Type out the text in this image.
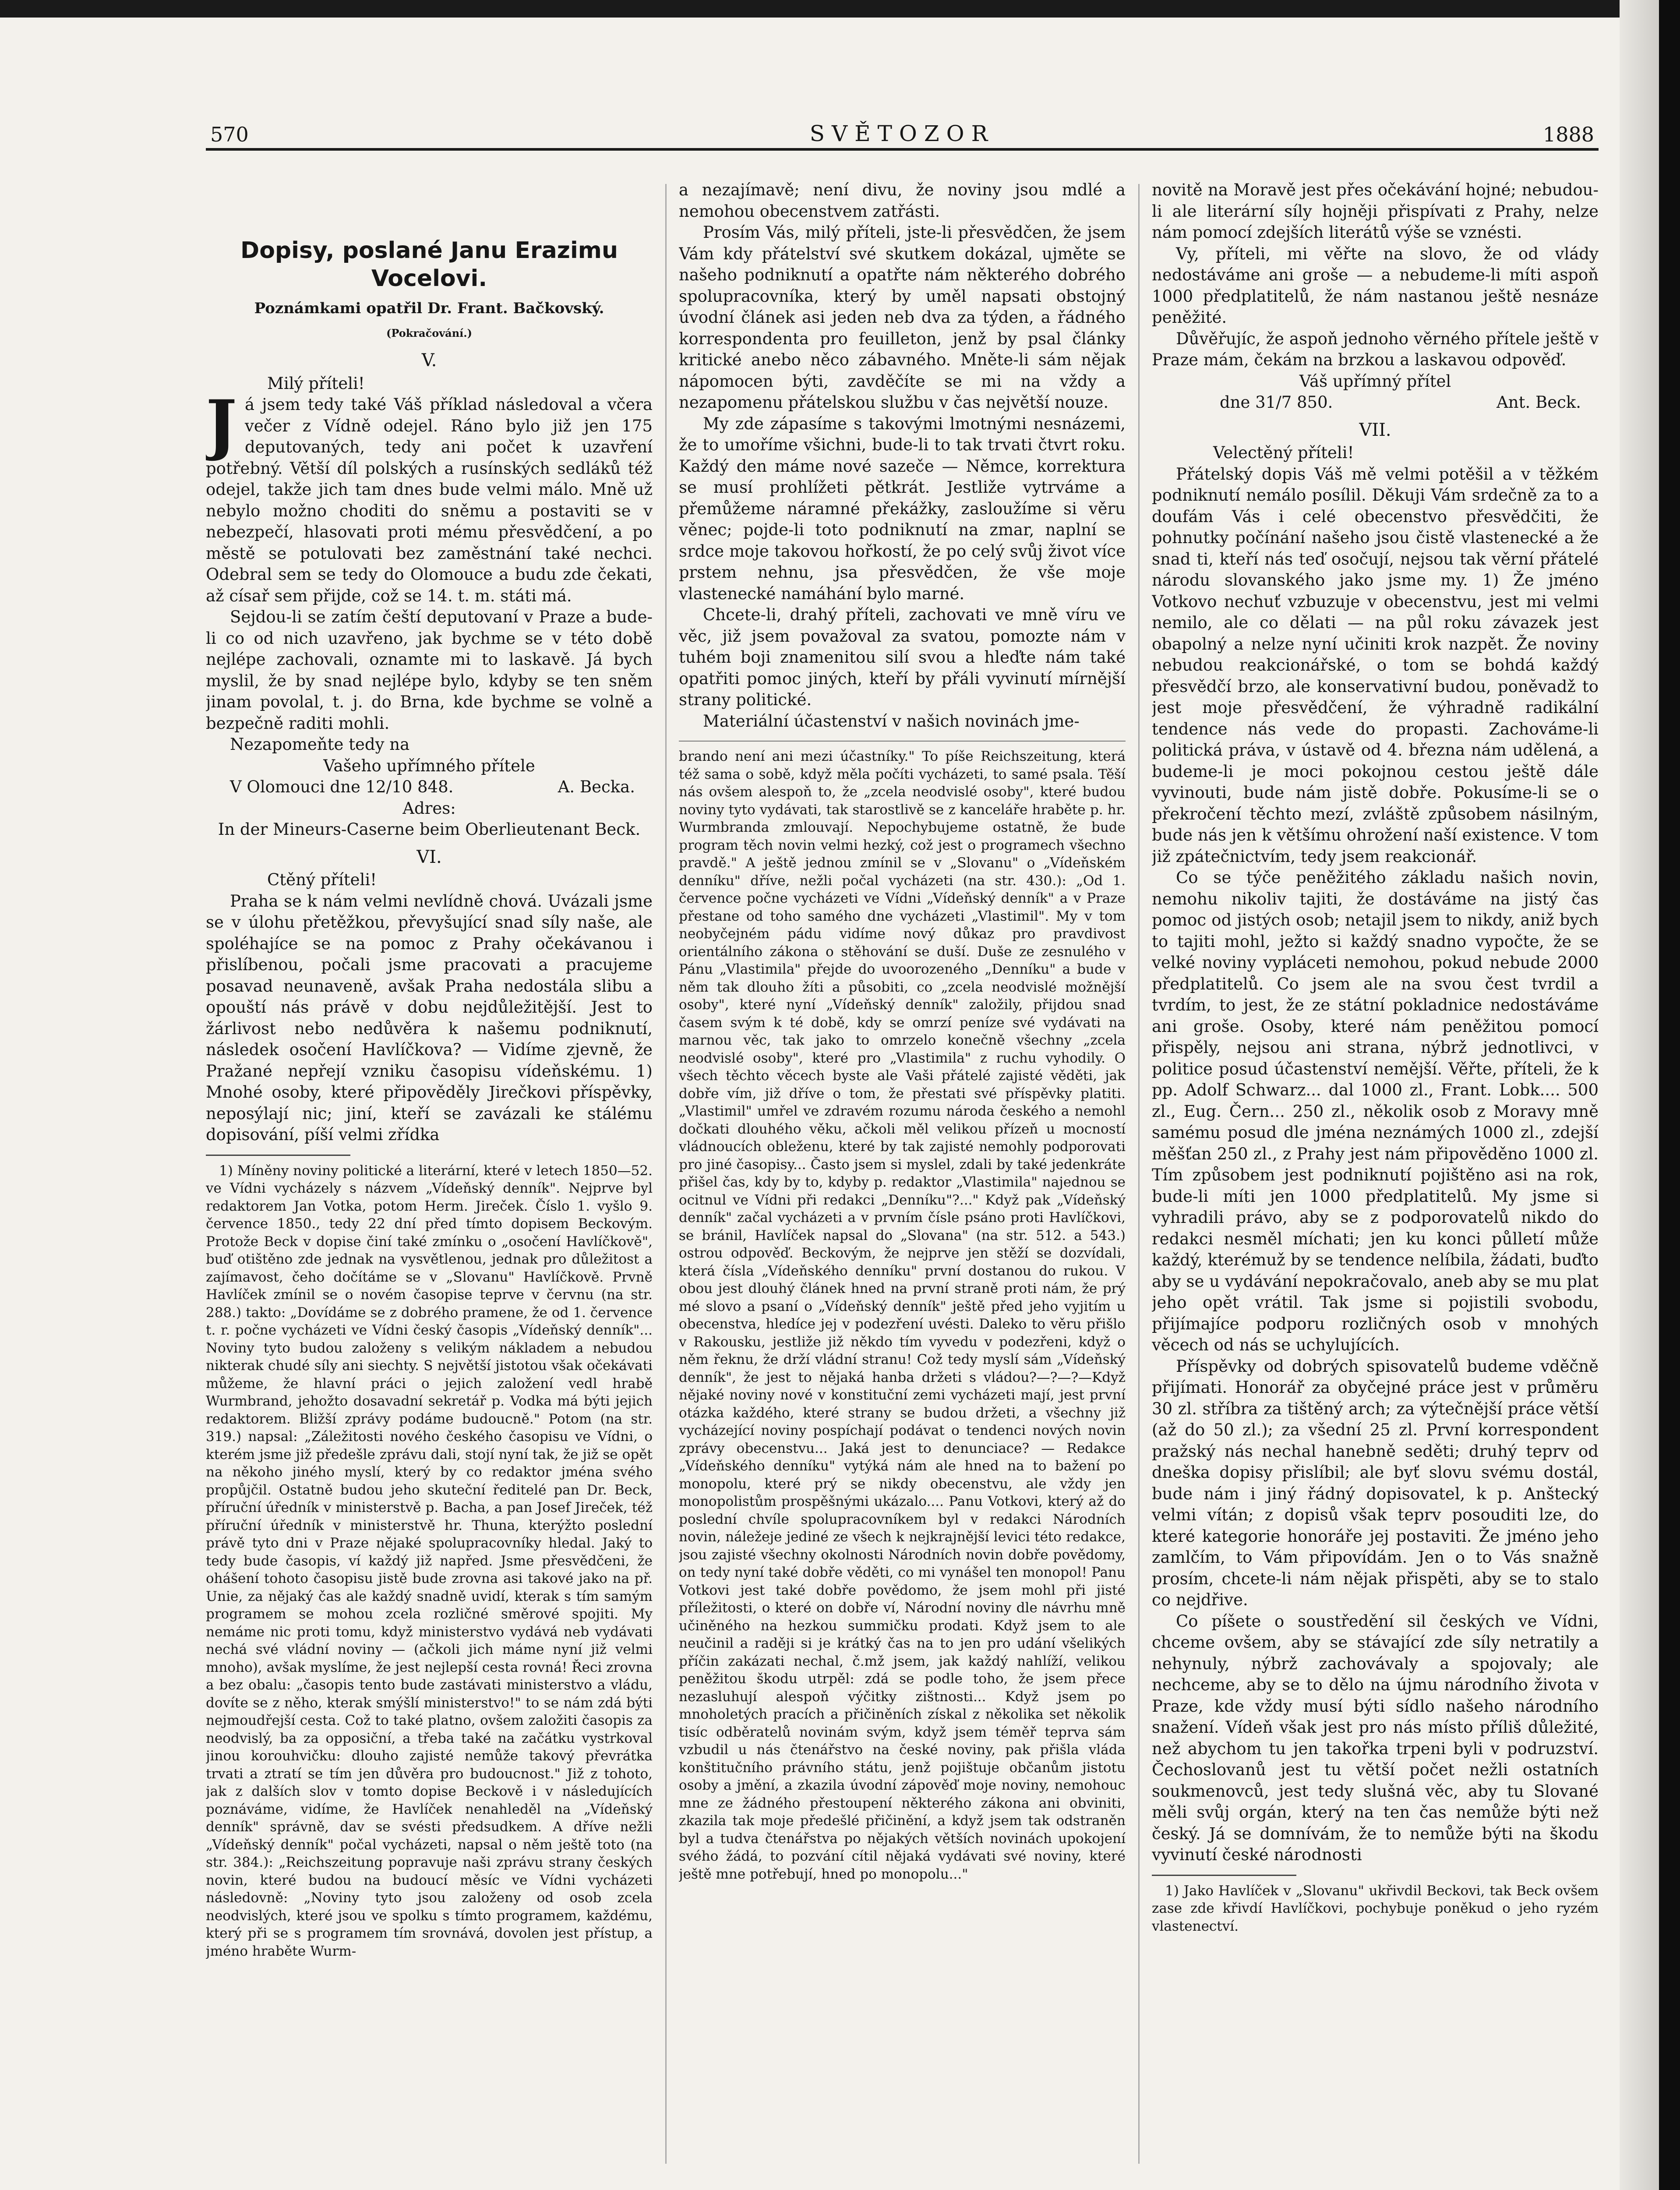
570	SVĚTOZOR	1888
Dopisy, poslané Janu Erazimu Vocelovi.
Poznámkami opatřil Dr. Frant. Bačkovský.
(Pokračování.)
V.

Milý příteli!

Já jsem tedy také Váš příklad následoval a včera večer z Vídně odejel. Ráno bylo již jen 175 deputovaných, tedy ani počet k uzavření potřebný. Větší díl polských a rusínských sedláků též odejel, takže jich tam dnes bude velmi málo. Mně už nebylo možno choditi do sněmu a postaviti se v nebezpečí, hlasovati proti mému přesvědčení, a po městě se potulovati bez zaměstnání také nechci. Odebral sem se tedy do Olomouce a budu zde čekati, až císař sem přijde, což se 14. t. m. státi má.

Sejdou-li se zatím čeští deputovaní v Praze a bude-li co od nich uzavřeno, jak bychme se v této době nejlépe zachovali, oznamte mi to laskavě. Já bych myslil, že by snad nejlépe bylo, kdyby se ten sněm jinam povolal, t. j. do Brna, kde bychme se volně a bezpečně raditi mohli.

Nezapomeňte tedy na

Vašeho upřímného přítele

V Olomouci dne 12/10 848.	A. Becka.

Adres:

In der Mineurs-Caserne beim Oberlieutenant Beck.

VI.

Ctěný příteli!

Praha se k nám velmi nevlídně chová. Uvázali jsme se v úlohu přetěžkou, převyšující snad síly naše, ale spoléhajíce se na pomoc z Prahy očekávanou i přislíbenou, počali jsme pracovati a pracujeme posavad neunaveně, avšak Praha nedostála slibu a opouští nás právě v dobu nejdůležitější. Jest to žárlivost nebo nedůvěra k našemu podniknutí, následek osočení Havlíčkova? — Vidíme zjevně, že Pražané nepřejí vzniku časopisu vídeňskému. 1) Mnohé osoby, které připověděly Jirečkovi příspěvky, neposýlají nic; jiní, kteří se zavázali ke stálému dopisování, píší velmi zřídka

1) Míněny noviny politické a literární, které v letech 1850—52. ve Vídni vycházely s názvem „Vídeňský denník". Nejprve byl redaktorem Jan Votka, potom Herm. Jireček. Číslo 1. vyšlo 9. července 1850., tedy 22 dní před tímto dopisem Beckovým. Protože Beck v dopise činí také zmínku o „osočení Havlíčkově", buď otištěno zde jednak na vysvětlenou, jednak pro důležitost a zajímavost, čeho dočítáme se v „Slovanu" Havlíčkově. Prvně Havlíček zmínil se o novém časopise teprve v červnu (na str. 288.) takto: „Dovídáme se z dobrého pramene, že od 1. července t. r. počne vycházeti ve Vídni český časopis „Vídeňský denník"... Noviny tyto budou založeny s velikým nákladem a nebudou nikterak chudé síly ani siechty. S největší jistotou však očekávati můžeme, že hlavní práci o jejich založení vedl hrabě Wurmbrand, jehožto dosavadní sekretář p. Vodka má býti jejich redaktorem. Bližší zprávy podáme budoucně." Potom (na str. 319.) napsal: „Záležitosti nového českého časopisu ve Vídni, o kterém jsme již předešle zprávu dali, stojí nyní tak, že již se opět na někoho jiného myslí, který by co redaktor jména svého propůjčil. Ostatně budou jeho skuteční ředitelé pan Dr. Beck, příruční úředník v ministerstvě p. Bacha, a pan Josef Jireček, též příruční úředník v ministerstvě hr. Thuna, kterýžto poslední právě tyto dni v Praze nějaké spolupracovníky hledal. Jaký to tedy bude časopis, ví každý již napřed. Jsme přesvědčeni, že ohášení tohoto časopisu jistě bude zrovna asi takové jako na př. Unie, za nějaký čas ale každý snadně uvidí, kterak s tím samým programem se mohou zcela rozličné směrové spojiti. My nemáme nic proti tomu, když ministerstvo vydává neb vydávati nechá své vládní noviny — (ačkoli jich máme nyní již velmi mnoho), avšak myslíme, že jest nejlepší cesta rovná! Řeci zrovna a bez obalu: „časopis tento bude zastávati ministerstvo a vládu, dovíte se z něho, kterak smýšlí ministerstvo!" to se nám zdá býti nejmoudřejší cesta. Což to také platno, ovšem založiti časopis za neodvislý, ba za opposiční, a třeba také na začátku vystrkoval jinou korouhvičku: dlouho zajisté nemůže takový převrátka trvati a ztratí se tím jen důvěra pro budoucnost." Již z tohoto, jak z dalších slov v tomto dopise Beckově i v následujících poznáváme, vidíme, že Havlíček nenahleděl na „Vídeňský denník" správně, dav se svésti předsudkem. A dříve nežli „Vídeňský denník" počal vycházeti, napsal o něm ještě toto (na str. 384.): „Reichszeitung popravuje naši zprávu strany českých novin, které budou na budoucí měsíc ve Vídni vycházeti následovně: „Noviny tyto jsou založeny od osob zcela neodvislých, které jsou ve spolku s tímto programem, každému, který při se s programem tím srovnává, dovolen jest přístup, a jméno hraběte Wurm-

a nezajímavě; není divu, že noviny jsou mdlé a nemohou obecenstvem zatřásti.

Prosím Vás, milý příteli, jste-li přesvědčen, že jsem Vám kdy přátelství své skutkem dokázal, ujměte se našeho podniknutí a opatřte nám některého dobrého spolupracovníka, který by uměl napsati obstojný úvodní článek asi jeden neb dva za týden, a řádného korrespondenta pro feuilleton, jenž by psal články kritické anebo něco zábavného. Mněte-li sám nějak nápomocen býti, zavděčíte se mi na vždy a nezapomenu přátelskou službu v čas největší nouze.

My zde zápasíme s takovými lmotnými nesnázemi, že to umoříme všichni, bude-li to tak trvati čtvrt roku. Každý den máme nové sazeče — Němce, korrektura se musí prohlížeti pětkrát. Jestliže vytrváme a přemůžeme náramné překážky, zasloužíme si věru věnec; pojde-li toto podniknutí na zmar, naplní se srdce moje takovou hořkostí, že po celý svůj život více prstem nehnu, jsa přesvědčen, že vše moje vlastenecké namáhání bylo marné.

Chcete-li, drahý příteli, zachovati ve mně víru ve věc, již jsem považoval za svatou, pomozte nám v tuhém boji znamenitou silí svou a hleďte nám také opatřiti pomoc jiných, kteří by přáli vyvinutí mírnější strany politické.

Materiální účastenství v našich novinách jme-

brando není ani mezi účastníky." To píše Reichszeitung, která též sama o sobě, když měla počíti vycházeti, to samé psala. Těší nás ovšem alespoň to, že „zcela neodvislé osoby", které budou noviny tyto vydávati, tak starostlivě se z kanceláře hraběte p. hr. Wurmbranda zmlouvají. Nepochybujeme ostatně, že bude program těch novin velmi hezký, což jest o programech všechno pravdě." A ještě jednou zmínil se v „Slovanu" o „Vídeňském denníku" dříve, nežli počal vycházeti (na str. 430.): „Od 1. července počne vycházeti ve Vídni „Vídeňský denník" a v Praze přestane od toho samého dne vycházeti „Vlastimil". My v tom neobyčejném pádu vidíme nový důkaz pro pravdivost orientálního zákona o stěhování se duší. Duše ze zesnulého v Pánu „Vlastimila" přejde do uvoorozeného „Denníku" a bude v něm tak dlouho žíti a působiti, co „zcela neodvislé možnější osoby", které nyní „Vídeňský denník" založily, přijdou snad časem svým k té době, kdy se omrzí peníze své vydávati na marnou věc, tak jako to omrzelo konečně všechny „zcela neodvislé osoby", které pro „Vlastimila" z ruchu vyhodily. O všech těchto věcech byste ale Vaši přátelé zajisté věděti, jak dobře vím, již dříve o tom, že přestati své příspěvky platiti. „Vlastimil" umřel ve zdravém rozumu národa českého a nemohl dočkati dlouhého věku, ačkoli měl velikou přízeň u mocností vládnoucích obleženu, které by tak zajisté nemohly podporovati pro jiné časopisy... Často jsem si myslel, zdali by také jedenkráte přišel čas, kdy by to, kdyby p. redaktor „Vlastimila" najednou se ocitnul ve Vídni při redakci „Denníku"?..." Když pak „Vídeňský denník" začal vycházeti a v prvním čísle psáno proti Havlíčkovi, se bránil, Havlíček napsal do „Slovana" (na str. 512. a 543.) ostrou odpověď. Beckovým, že nejprve jen stěží se dozvídali, která čísla „Vídeňského denníku" první dostanou do rukou. V obou jest dlouhý článek hned na první straně proti nám, že prý mé slovo a psaní o „Vídeňský denník" ještě před jeho vyjitím u obecenstva, hledíce jej v podezření uvésti. Daleko to věru přišlo v Rakousku, jestliže již někdo tím vyvedu v podezřeni, když o něm řeknu, že drží vládní stranu! Což tedy myslí sám „Vídeňský denník", že jest to nějaká hanba držeti s vládou?—?—?—Když nějaké noviny nové v konstituční zemi vycházeti mají, jest první otázka každého, které strany se budou držeti, a všechny již vycházející noviny pospíchají podávat o tendenci nových novin zprávy obecenstvu... Jaká jest to denunciace? — Redakce „Vídeňského denníku" vytýká nám ale hned na to bažení po monopolu, které prý se nikdy obecenstvu, ale vždy jen monopolistům prospěšnými ukázalo.... Panu Votkovi, který až do poslední chvíle spolupracovníkem byl v redakci Národních novin, náležeje jediné ze všech k nejkrajnější levici této redakce, jsou zajisté všechny okolnosti Národních novin dobře povědomy, on tedy nyní také dobře věděti, co mi vynášel ten monopol! Panu Votkovi jest také dobře povědomo, že jsem mohl při jisté příležitosti, o které on dobře ví, Národní noviny dle návrhu mně učiněného na hezkou summičku prodati. Když jsem to ale neučinil a raději si je krátký čas na to jen pro udání všelikých příčin zakázati nechal, č.mž jsem, jak každý nahlíží, velikou peněžitou škodu utrpěl: zdá se podle toho, že jsem přece nezasluhují alespoň výčitky zištnosti... Když jsem po mnoholetých pracích a přičiněních získal z několika set několik tisíc odběratelů novinám svým, když jsem téměř teprva sám vzbudil u nás čtenářstvo na české noviny, pak přišla vláda konštitučního právního státu, jenž pojištuje občanům jistotu osoby a jmění, a zkazila úvodní zápověď moje noviny, nemohouc mne ze žádného přestoupení některého zákona ani obviniti, zkazila tak moje předešlé přičinění, a když jsem tak odstraněn byl a tudva čtenářstva po nějakých větších novinách upokojení svého žádá, to pozvání cítil nějaká vydávati své noviny, které ještě mne potřebují, hned po monopolu..."

novitě na Moravě jest přes očekávání hojné; nebudou-li ale literární síly hojněji přispívati z Prahy, nelze nám pomocí zdejších literátů výše se vznésti.

Vy, příteli, mi věřte na slovo, že od vlády nedostáváme ani groše — a nebudeme-li míti aspoň 1000 předplatitelů, že nám nastanou ještě nesnáze peněžité.

Důvěřujíc, že aspoň jednoho věrného přítele ještě v Praze mám, čekám na brzkou a laskavou odpověď.

Váš upřímný přítel

dne 31/7 850.	Ant. Beck.

VII.

Velectěný příteli!

Přátelský dopis Váš mě velmi potěšil a v těžkém podniknutí nemálo posílil. Děkuji Vám srdečně za to a doufám Vás i celé obecenstvo přesvědčiti, že pohnutky počínání našeho jsou čistě vlastenecké a že snad ti, kteří nás teď osočují, nejsou tak věrní přátelé národu slovanského jako jsme my. 1) Že jméno Votkovo nechuť vzbuzuje v obecenstvu, jest mi velmi nemilo, ale co dělati — na půl roku závazek jest obapolný a nelze nyní učiniti krok nazpět. Že noviny nebudou reakcionářské, o tom se bohdá každý přesvědčí brzo, ale konservativní budou, poněvadž to jest moje přesvědčení, že výhradně radikální tendence nás vede do propasti. Zachováme-li politická práva, v ústavě od 4. března nám udělená, a budeme-li je moci pokojnou cestou ještě dále vyvinouti, bude nám jistě dobře. Pokusíme-li se o překročení těchto mezí, zvláště způsobem násilným, bude nás jen k většímu ohrožení naší existence. V tom již zpátečnictvím, tedy jsem reakcionář.

Co se týče peněžitého základu našich novin, nemohu nikoliv tajiti, že dostáváme na jistý čas pomoc od jistých osob; netajil jsem to nikdy, aniž bych to tajiti mohl, ježto si každý snadno vypočte, že se velké noviny vypláceti nemohou, pokud nebude 2000 předplatitelů. Co jsem ale na svou čest tvrdil a tvrdím, to jest, že ze státní pokladnice nedostáváme ani groše. Osoby, které nám peněžitou pomocí přispěly, nejsou ani strana, nýbrž jednotlivci, v politice posud účastenství nemější. Věřte, příteli, že k pp. Adolf Schwarz... dal 1000 zl., Frant. Lobk.... 500 zl., Eug. Čern... 250 zl., několik osob z Moravy mně samému posud dle jména neznámých 1000 zl., zdejší měšťan 250 zl., z Prahy jest nám připověděno 1000 zl. Tím způsobem jest podniknutí pojištěno asi na rok, bude-li míti jen 1000 předplatitelů. My jsme si vyhradili právo, aby se z podporovatelů nikdo do redakci nesměl míchati; jen ku konci půlletí může každý, kterémuž by se tendence nelíbila, žádati, buďto aby se u vydávání nepokračovalo, aneb aby se mu plat jeho opět vrátil. Tak jsme si pojistili svobodu, přijímajíce podporu rozličných osob v mnohých věcech od nás se uchylujících.

Příspěvky od dobrých spisovatelů budeme vděčně přijímati. Honorář za obyčejné práce jest v průměru 30 zl. stříbra za tištěný arch; za výtečnější práce větší (až do 50 zl.); za všední 25 zl. První korrespondent pražský nás nechal hanebně seděti; druhý teprv od dneška dopisy přislíbil; ale byť slovu svému dostál, bude nám i jiný řádný dopisovatel, k p. Anštecký velmi vítán; z dopisů však teprv posouditi lze, do které kategorie honoráře jej postaviti. Že jméno jeho zamlčím, to Vám připovídám. Jen o to Vás snažně prosím, chcete-li nám nějak přispěti, aby se to stalo co nejdřive.

Co píšete o soustředění sil českých ve Vídni, chceme ovšem, aby se stávající zde síly netratily a nehynuly, nýbrž zachovávaly a spojovaly; ale nechceme, aby se to dělo na újmu národního života v Praze, kde vždy musí býti sídlo našeho národního snažení. Vídeň však jest pro nás místo příliš důležité, než abychom tu jen takořka trpeni byli v podruzství. Čechoslovanů jest tu větší počet nežli ostatních soukmenovců, jest tedy slušná věc, aby tu Slované měli svůj orgán, který na ten čas nemůže býti než český. Já se domnívám, že to nemůže býti na škodu vyvinutí české národnosti

1) Jako Havlíček v „Slovanu" ukřivdil Beckovi, tak Beck ovšem zase zde křivdí Havlíčkovi, pochybuje poněkud o jeho ryzém vlastenectví.
